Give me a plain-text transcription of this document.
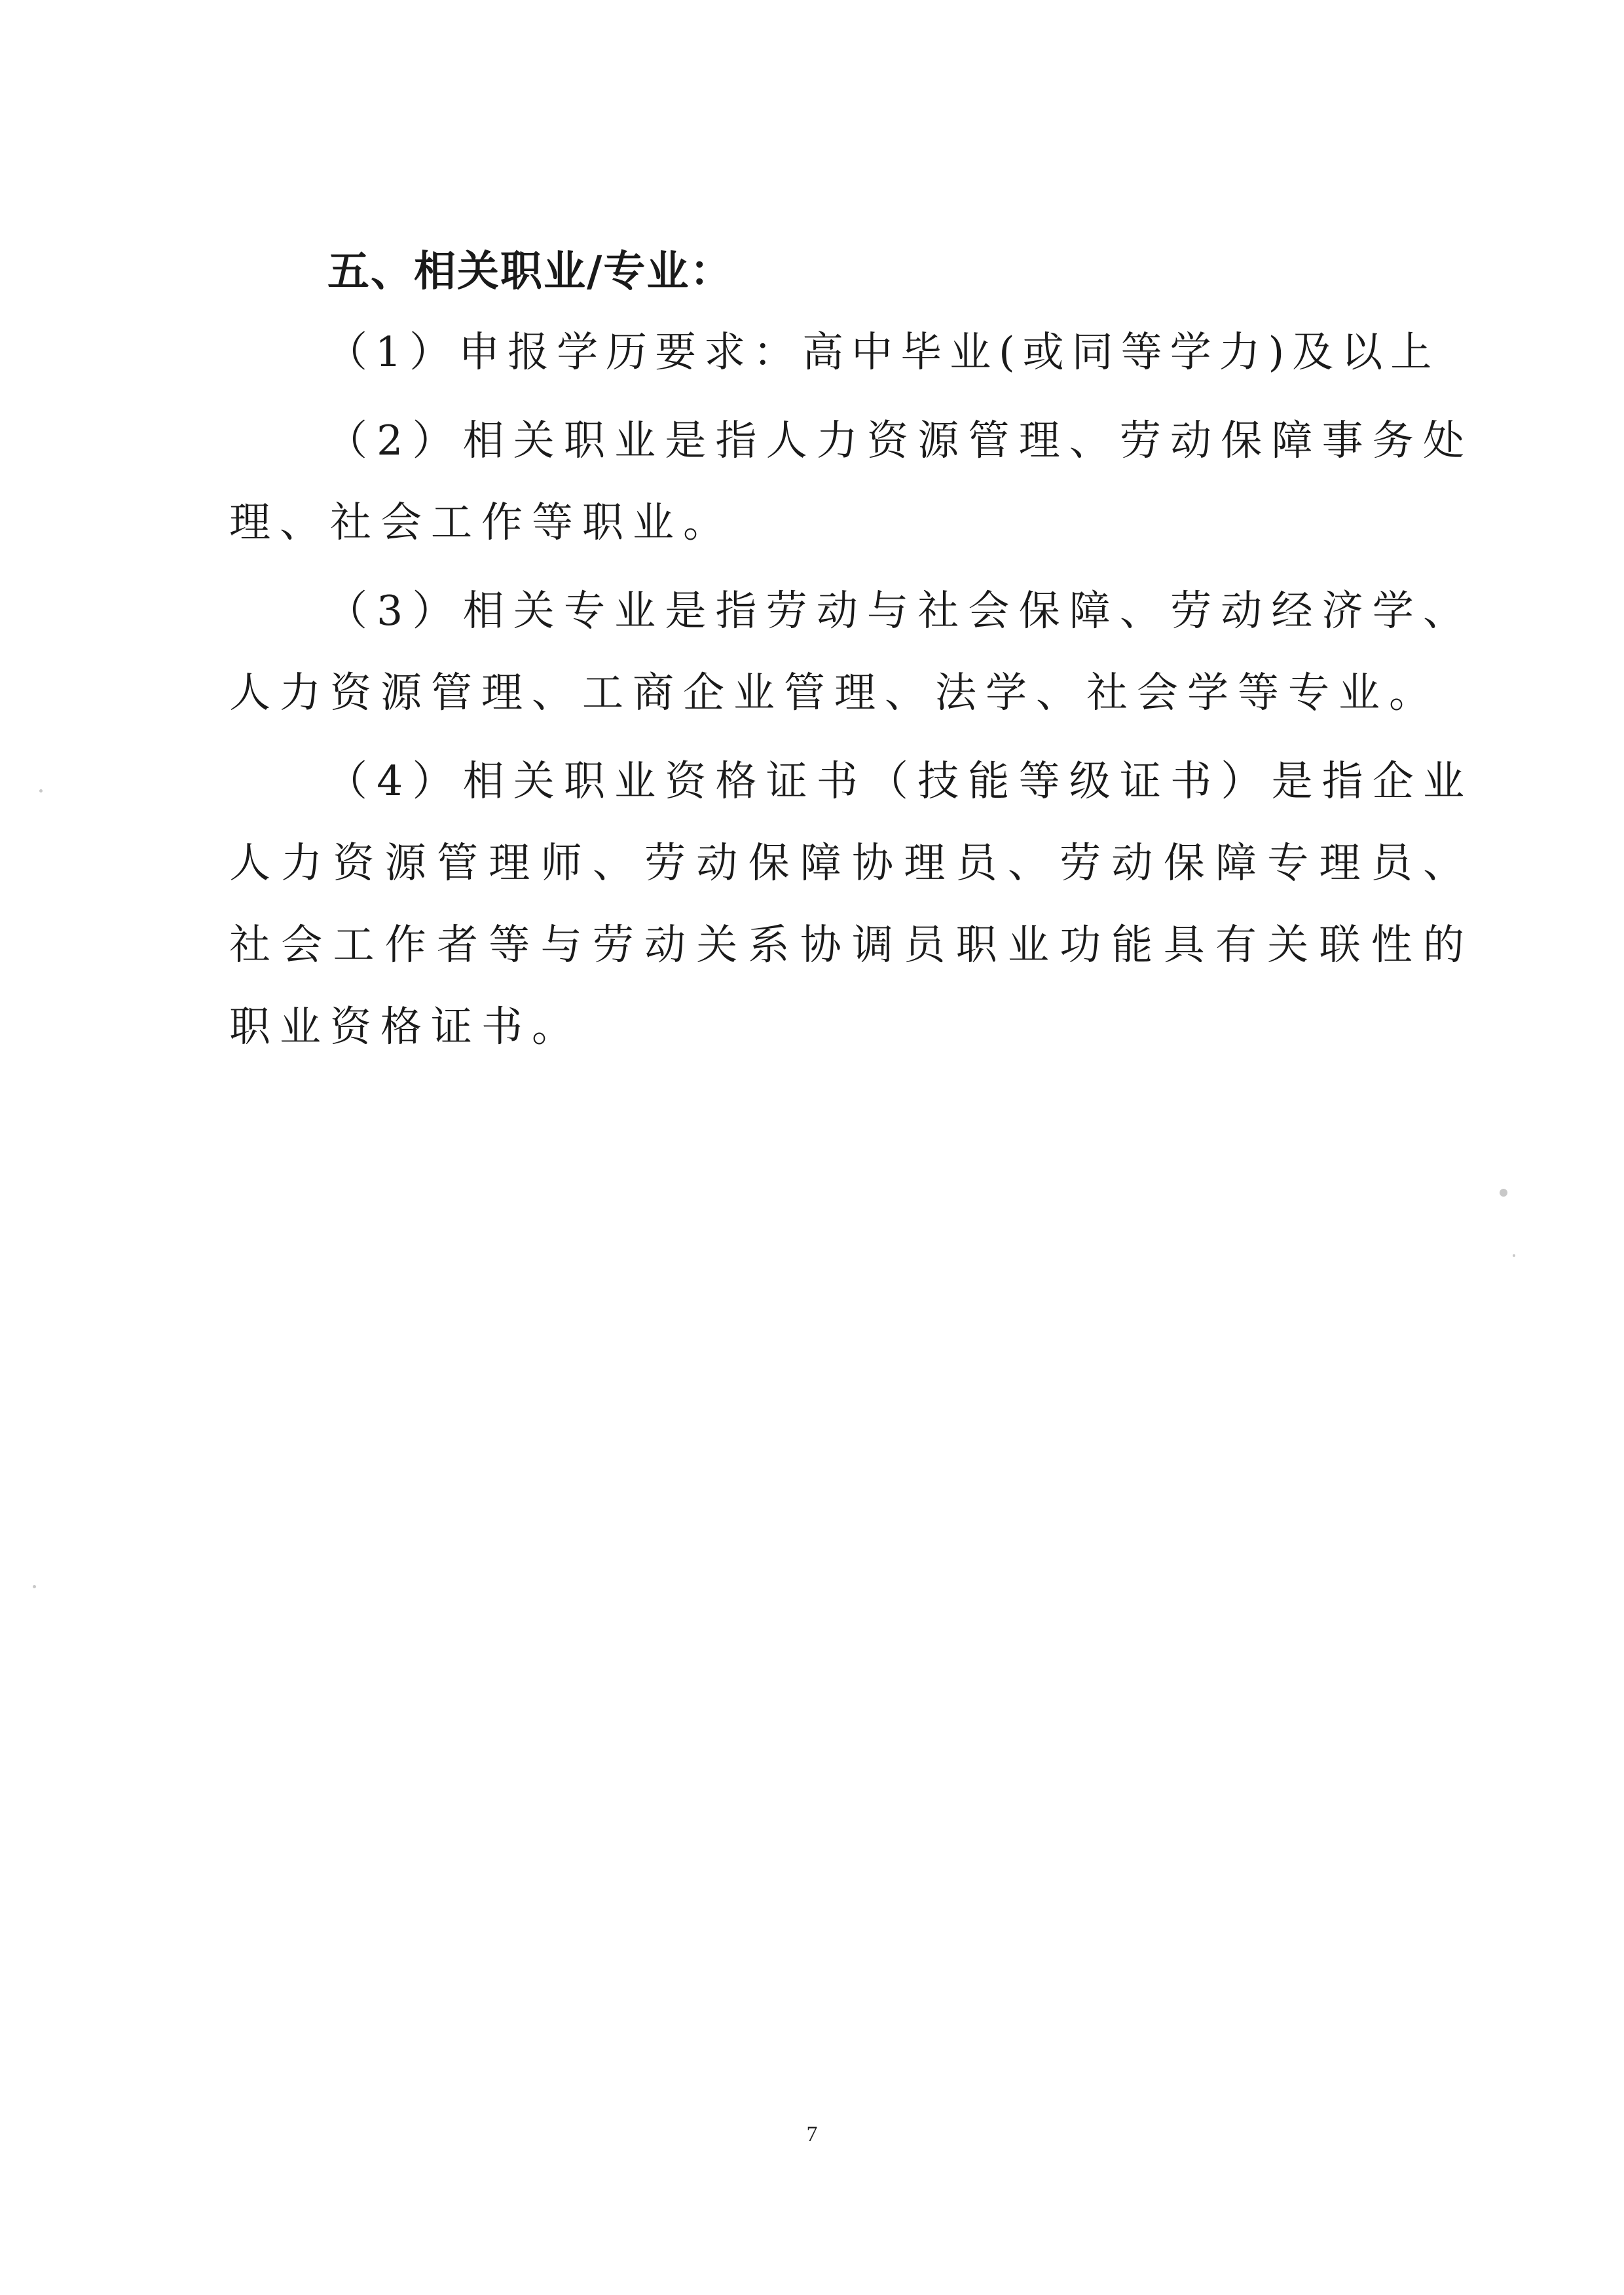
五、相关职业/专业：

（1）申报学历要求：高中毕业(或同等学力)及以上

（2）相关职业是指人力资源管理、劳动保障事务处理、社会工作等职业。

（3）相关专业是指劳动与社会保障、劳动经济学、人力资源管理、工商企业管理、法学、社会学等专业。

（4）相关职业资格证书（技能等级证书）是指企业人力资源管理师、劳动保障协理员、劳动保障专理员、社会工作者等与劳动关系协调员职业功能具有关联性的职业资格证书。

7
